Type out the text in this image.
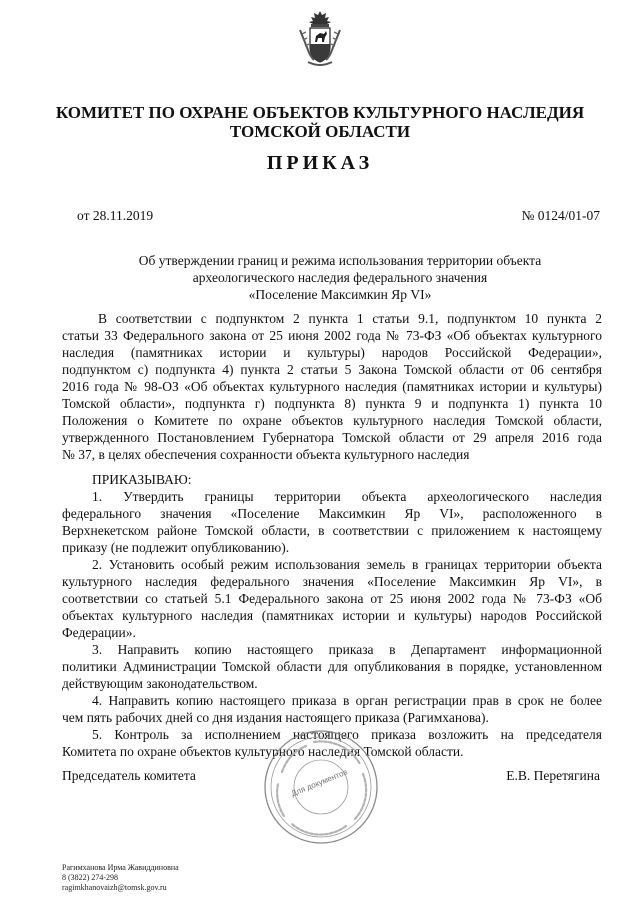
КОМИТЕТ ПО ОХРАНЕ ОБЪЕКТОВ КУЛЬТУРНОГО НАСЛЕДИЯ
ТОМСКОЙ ОБЛАСТИ
ПРИКАЗ
от 28.11.2019	№ 0124/01-07
Об утверждении границ и режима использования территории объекта
археологического наследия федерального значения
«Поселение Максимкин Яр VI»
В соответствии с подпунктом 2 пункта 1 статьи 9.1, подпунктом 10 пункта 2
статьи 33 Федерального закона от 25 июня 2002 года № 73-ФЗ «Об объектах культурного
наследия (памятниках истории и культуры) народов Российской Федерации»,
подпунктом с) подпункта 4) пункта 2 статьи 5 Закона Томской области от 06 сентября
2016 года № 98-ОЗ «Об объектах культурного наследия (памятниках истории и культуры)
Томской области», подпункта г) подпункта 8) пункта 9 и подпункта 1) пункта 10
Положения о Комитете по охране объектов культурного наследия Томской области,
утвержденного Постановлением Губернатора Томской области от 29 апреля 2016 года
№ 37, в целях обеспечения сохранности объекта культурного наследия
ПРИКАЗЫВАЮ:
1. Утвердить границы территории объекта археологического наследия
федерального значения «Поселение Максимкин Яр VI», расположенного в
Верхнекетском районе Томской области, в соответствии с приложением к настоящему
приказу (не подлежит опубликованию).
2. Установить особый режим использования земель в границах территории объекта
культурного наследия федерального значения «Поселение Максимкин Яр VI», в
соответствии со статьей 5.1 Федерального закона от 25 июня 2002 года № 73-ФЗ «Об
объектах культурного наследия (памятниках истории и культуры) народов Российской
Федерации».
3. Направить копию настоящего приказа в Департамент информационной
политики Администрации Томской области для опубликования в порядке, установленном
действующим законодательством.
4. Направить копию настоящего приказа в орган регистрации прав в срок не более
чем пять рабочих дней со дня издания настоящего приказа (Рагимханова).
5. Контроль за исполнением настоящего приказа возложить на председателя
Комитета по охране объектов культурного наследия Томской области.
Для документов
Председатель комитета	Е.В. Перетягина
Рагимханова Ирма Жавиддиновна
8 (3822) 274-298
ragimkhanovaizh@tomsk.gov.ru
